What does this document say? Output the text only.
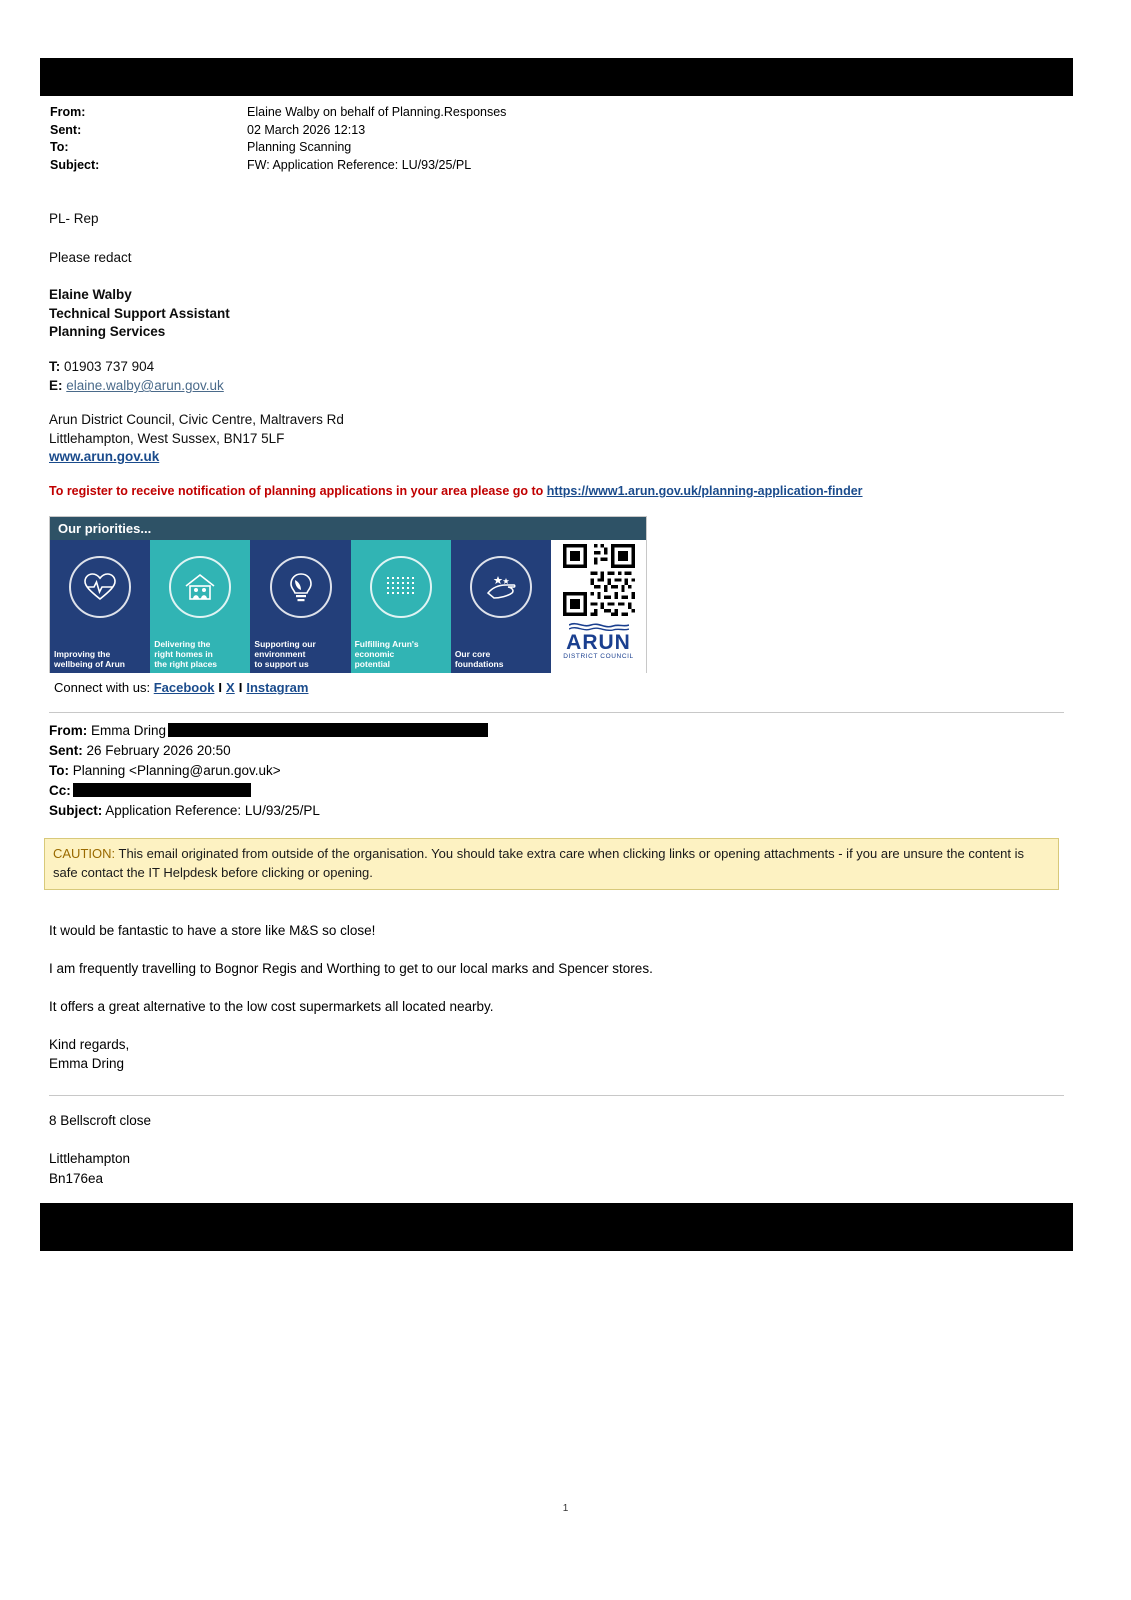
From:	Elaine Walby on behalf of Planning.Responses
Sent:	02 March 2026 12:13
To:	Planning Scanning
Subject:	FW: Application Reference: LU/93/25/PL
PL- Rep
Please redact
Elaine Walby
Technical Support Assistant
Planning Services
T: 01903 737 904
E: elaine.walby@arun.gov.uk
Arun District Council, Civic Centre, Maltravers Rd
Littlehampton, West Sussex, BN17 5LF
www.arun.gov.uk
To register to receive notification of planning applications in your area please go to https://www1.arun.gov.uk/planning-application-finder
Our priorities...
Improving the
wellbeing of Arun
Delivering the
right homes in
the right places
Supporting our
environment
to support us
Fulfilling Arun's
economic
potential
Our core
foundations
ARUN
DISTRICT COUNCIL
Connect with us: Facebook I X I Instagram
From: Emma Dring
Sent: 26 February 2026 20:50
To: Planning <Planning@arun.gov.uk>
Cc:
Subject: Application Reference: LU/93/25/PL
CAUTION: This email originated from outside of the organisation. You should take extra care when clicking links or opening attachments - if you are unsure the content is safe contact the IT Helpdesk before clicking or opening.
It would be fantastic to have a store like M&S so close!
I am frequently travelling to Bognor Regis and Worthing to get to our local marks and Spencer stores.
It offers a great alternative to the low cost supermarkets all located nearby.
Kind regards,
Emma Dring
8 Bellscroft close
Littlehampton
Bn176ea
1
